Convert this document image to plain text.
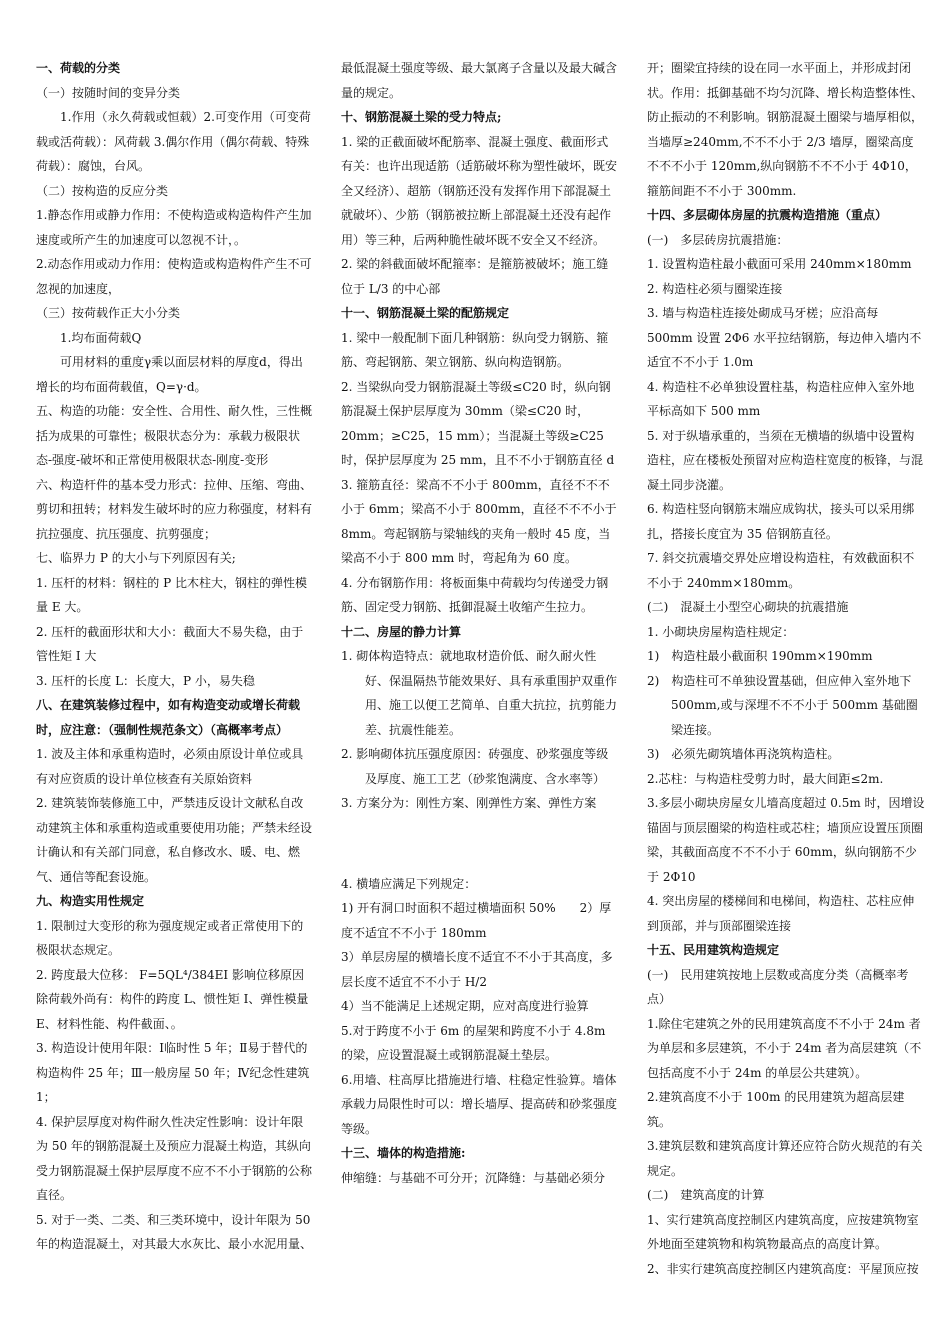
一、荷载的分类

（一）按随时间的变异分类

1.作用（永久荷载或恒载）2.可变作用（可变荷载或活荷载）：风荷载 3.偶尔作用（偶尔荷载、特殊荷载）：腐蚀，台风。

（二）按构造的反应分类

1.静态作用或静力作用：不使构造或构造构件产生加速度或所产生的加速度可以忽视不计，。

2.动态作用或动力作用：使构造或构造构件产生不可忽视的加速度，

（三）按荷载作正大小分类

1.均布面荷载Q

可用材料的重度γ乘以面层材料的厚度d，得出增长的均布面荷载值，Q=γ·d。

五、构造的功能：安全性、合用性、耐久性，三性概括为成果的可靠性；极限状态分为：承载力极限状态-强度-破坏和正常使用极限状态-刚度-变形

六、构造杆件的基本受力形式：拉伸、压缩、弯曲、剪切和扭转；材料发生破坏时的应力称强度，材料有抗拉强度、抗压强度、抗剪强度；

七、临界力 P 的大小与下列原因有关;

1. 压杆的材料：钢柱的 P 比木柱大，钢柱的弹性模量 E 大。

2. 压杆的截面形状和大小：截面大不易失稳，由于管性矩 I 大

3. 压杆的长度 L：长度大，P 小，易失稳

八、在建筑装修过程中，如有构造变动或增长荷载时，应注意：（强制性规范条文）（高概率考点）

1. 波及主体和承重构造时，必须由原设计单位或具有对应资质的设计单位核查有关原始资料

2. 建筑装饰装修施工中，严禁违反设计文献私自改动建筑主体和承重构造或重要使用功能；严禁未经设计确认和有关部门同意，私自修改水、暖、电、燃气、通信等配套设施。

九、构造实用性规定

1. 限制过大变形的称为强度规定或者正常使用下的极限状态规定。

2. 跨度最大位移： F=5QL⁴/384EI 影响位移原因除荷载外尚有：构件的跨度 L、惯性矩 I、弹性模量 E、材料性能、构件截面、。

3. 构造设计使用年限：Ⅰ临时性 5 年；Ⅱ易于替代的构造构件 25 年；Ⅲ一般房屋 50 年；Ⅳ纪念性建筑 1；

4. 保护层厚度对构件耐久性决定性影响：设计年限为 50 年的钢筋混凝土及预应力混凝土构造，其纵向受力钢筋混凝土保护层厚度不应不不小于钢筋的公称直径。

5. 对于一类、二类、和三类环境中，设计年限为 50 年的构造混凝土，对其最大水灰比、最小水泥用量、

最低混凝土强度等级、最大氯离子含量以及最大碱含量的规定。

十、钢筋混凝土梁的受力特点;

1. 梁的正截面破坏配筋率、混凝土强度、截面形式有关：也许出现适筋（适筋破坏称为塑性破坏，既安全又经济）、超筋（钢筋还没有发挥作用下部混凝土就破坏）、少筋（钢筋被拉断上部混凝土还没有起作用）等三种，后两种脆性破坏既不安全又不经济。

2. 梁的斜截面破坏配箍率：是箍筋被破坏；施工缝位于 L/3 的中心部

十一、钢筋混凝土梁的配筋规定

1. 梁中一般配制下面几种钢筋：纵向受力钢筋、箍筋、弯起钢筋、架立钢筋、纵向构造钢筋。

2. 当梁纵向受力钢筋混凝土等级≤C20 时，纵向钢筋混凝土保护层厚度为 30mm（梁≤C20 时，20mm；≥C25，15 mm）；当混凝土等级≥C25 时，保护层厚度为 25 mm，且不不小于钢筋直径 d

3. 箍筋直径：梁高不不小于 800mm，直径不不不小于 6mm；梁高不小于 800mm，直径不不不小于 8mm。弯起钢筋与梁轴线的夹角一般时 45 度，当梁高不小于 800 mm 时，弯起角为 60 度。

4. 分布钢筋作用：将板面集中荷载均匀传递受力钢筋、固定受力钢筋、抵御混凝土收缩产生拉力。

十二、房屋的静力计算

1. 砌体构造特点：就地取材造价低、耐久耐火性好、保温隔热节能效果好、具有承重围护双重作用、施工以便工艺简单、自重大抗拉，抗剪能力差、抗震性能差。

2. 影响砌体抗压强度原因：砖强度、砂浆强度等级及厚度、施工工艺（砂浆饱满度、含水率等）

3. 方案分为：刚性方案、刚弹性方案、弹性方案

4. 横墙应满足下列规定：

1) 开有洞口时面积不超过横墙面积 50%　　2）厚度不适宜不不小于 180mm

3）单层房屋的横墙长度不适宜不不小于其高度，多层长度不适宜不不小于 H/2

4）当不能满足上述规定期，应对高度进行验算

5.对于跨度不小于 6m 的屋架和跨度不小于 4.8m 的梁，应设置混凝土或钢筋混凝土垫层。

6.用墙、柱高厚比措施进行墙、柱稳定性验算。墙体承载力局限性时可以：增长墙厚、提高砖和砂浆强度等级。

十三、墙体的构造措施:

伸缩缝：与基础不可分开；沉降缝：与基础必须分

开；圈梁宜持续的设在同一水平面上，并形成封闭状。作用：抵御基础不均匀沉降、增长构造整体性、防止振动的不利影响。钢筋混凝土圈梁与墙厚相似，当墙厚≥240mm,不不不小于 2/3 墙厚，圈梁高度不不不小于 120mm,纵向钢筋不不不小于 4Φ10，箍筋间距不不小于 300mm.

十四、多层砌体房屋的抗震构造措施（重点）

(一)　多层砖房抗震措施：

1. 设置构造柱最小截面可采用 240mm×180mm

2. 构造柱必须与圈梁连接

3. 墙与构造柱连接处砌成马牙槎；应沿高每 500mm 设置 2Φ6 水平拉结钢筋，每边伸入墙内不适宜不不小于 1.0m

4. 构造柱不必单独设置柱基，构造柱应伸入室外地平标高如下 500 mm

5. 对于纵墙承重的，当须在无横墙的纵墙中设置构造柱，应在楼板处预留对应构造柱宽度的板锋，与混凝土同步浇灌。

6. 构造柱竖向钢筋末端应成钩状，接头可以采用绑扎，搭接长度宜为 35 倍钢筋直径。

7. 斜交抗震墙交界处应增设构造柱，有效截面积不不小于 240mm×180mm。

(二)　混凝土小型空心砌块的抗震措施

1. 小砌块房屋构造柱规定：

1)　构造柱最小截面积 190mm×190mm

2)　构造柱可不单独设置基础，但应伸入室外地下 500mm,或与深埋不不不小于 500mm 基础圈梁连接。

3)　必须先砌筑墙体再浇筑构造柱。

2.芯柱：与构造柱受剪力时，最大间距≤2m.

3.多层小砌块房屋女儿墙高度超过 0.5m 时，因增设锚固与顶层圈梁的构造柱或芯柱；墙顶应设置压顶圈梁，其截面高度不不不小于 60mm，纵向钢筋不少于 2Φ10

4. 突出房屋的楼梯间和电梯间，构造柱、芯柱应伸到顶部，并与顶部圈梁连接

十五、民用建筑构造规定

(一)　民用建筑按地上层数或高度分类（高概率考点）

1.除住宅建筑之外的民用建筑高度不不小于 24m 者为单层和多层建筑，不小于 24m 者为高层建筑（不包括高度不小于 24m 的单层公共建筑）。

2.建筑高度不小于 100m 的民用建筑为超高层建筑。

3.建筑层数和建筑高度计算还应符合防火规范的有关规定。

(二)　建筑高度的计算

1、实行建筑高度控制区内建筑高度，应按建筑物室外地面至建筑物和构筑物最高点的高度计算。

2、非实行建筑高度控制区内建筑高度：平屋顶应按
